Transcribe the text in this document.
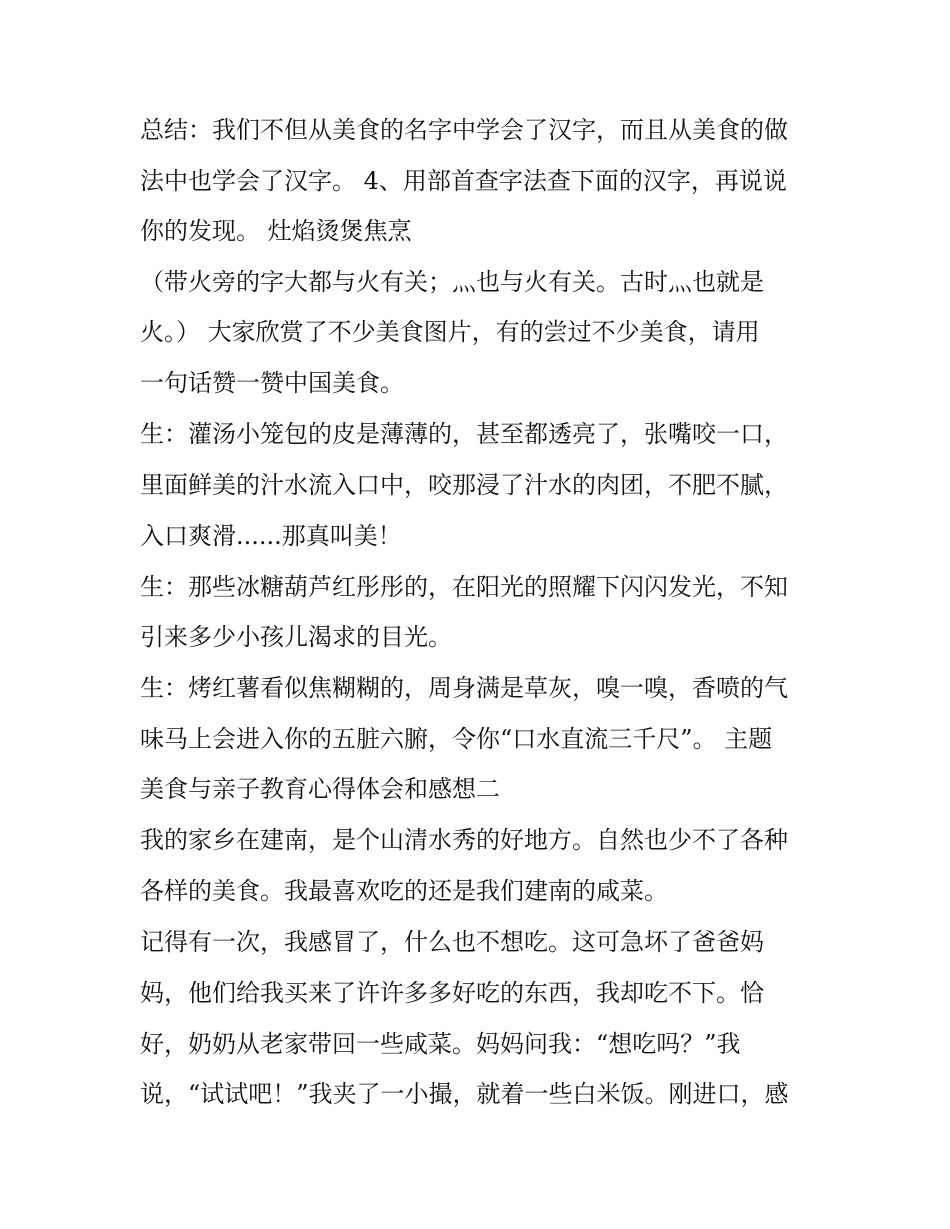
总结：我们不但从美食的名字中学会了汉字，而且从美食的做
法中也学会了汉字。 4、用部首查字法查下面的汉字，再说说
你的发现。 灶焰烫煲焦烹
（带火旁的字大都与火有关；灬也与火有关。古时灬也就是
火。） 大家欣赏了不少美食图片，有的尝过不少美食，请用
一句话赞一赞中国美食。
生：灌汤小笼包的皮是薄薄的，甚至都透亮了，张嘴咬一口，
里面鲜美的汁水流入口中，咬那浸了汁水的肉团，不肥不腻，
入口爽滑......那真叫美！
生：那些冰糖葫芦红彤彤的，在阳光的照耀下闪闪发光，不知
引来多少小孩儿渴求的目光。
生：烤红薯看似焦糊糊的，周身满是草灰，嗅一嗅，香喷的气
味马上会进入你的五脏六腑，令你“口水直流三千尺”。 主题
美食与亲子教育心得体会和感想二
我的家乡在建南，是个山清水秀的好地方。自然也少不了各种
各样的美食。我最喜欢吃的还是我们建南的咸菜。
记得有一次，我感冒了，什么也不想吃。这可急坏了爸爸妈
妈，他们给我买来了许许多多好吃的东西，我却吃不下。恰
好，奶奶从老家带回一些咸菜。妈妈问我：“想吃吗？”我
说，“试试吧！”我夹了一小撮，就着一些白米饭。刚进口，感
